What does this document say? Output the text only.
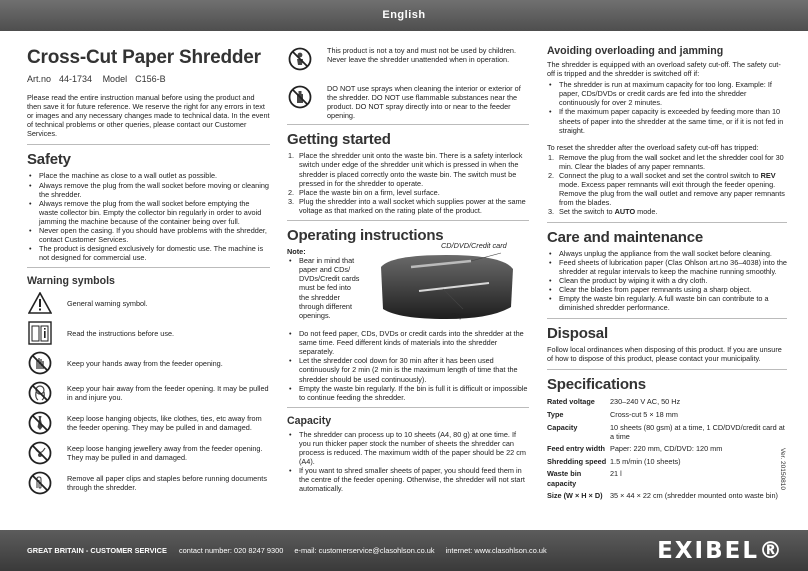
English
Cross-Cut Paper Shredder
Art.no 44-1734 Model C156-B

Please read the entire instruction manual before using the product and then save it for future reference. We reserve the right for any errors in text or images and any necessary changes made to technical data. In the event of technical problems or other queries, please contact our Customer Services.

Safety
• Place the machine as close to a wall outlet as possible.
• Always remove the plug from the wall socket before moving or cleaning the shredder.
• Always remove the plug from the wall socket before emptying the waste collector bin. Empty the collector bin regularly in order to avoid jamming the machine because of the container being over full.
• Never open the casing. If you should have problems with the shredder, contact Customer Services.
• The product is designed exclusively for domestic use. The machine is not designed for commercial use.
Warning symbols

General warning symbol.

Read the instructions before use.

Keep your hands away from the feeder opening.

Keep your hair away from the feeder opening. It may be pulled in and injure you.

Keep loose hanging objects, like clothes, ties, etc away from the feeder opening. They may be pulled in and damaged.

Keep loose hanging jewellery away from the feeder opening. They may be pulled in and damaged.

Remove all paper clips and staples before running documents through the shredder.

This product is not a toy and must not be used by children. Never leave the shredder unattended when in operation.

DO NOT use sprays when cleaning the interior or exterior of the shredder. DO NOT use flammable substances near the product. DO NOT spray directly into or near to the feeder opening.

Getting started
1. Place the shredder unit onto the waste bin. There is a safety interlock switch under edge of the shredder unit which is pressed in when the shredder is placed correctly onto the waste bin. The switch must be pressed in for the shredder to operate.
2. Place the waste bin on a firm, level surface.
3. Plug the shredder into a wall socket which supplies power at the same voltage as that marked on the rating plate of the product.
Operating instructions

Note:

• Bear in mind that paper and CDs/ DVDs/Credit cards must be fed into the shredder through different openings.
CD/DVD/Credit card
Paper
• Do not feed paper, CDs, DVDs or credit cards into the shredder at the same time. Feed different kinds of materials into the shredder separately.
• Let the shredder cool down for 30 min after it has been used continuously for 2 min (2 min is the maximum length of time that the shredder should be used continuously).
• Empty the waste bin regularly. If the bin is full it is difficult or impossible to continue feeding the shredder.
Capacity
• The shredder can process up to 10 sheets (A4, 80 g) at one time. If you run thicker paper stock the number of sheets the shredder can process is reduced. The maximum width of the paper should be 22 cm (A4).
• If you want to shred smaller sheets of paper, you should feed them in the centre of the feeder opening. Otherwise, the shredder will not start automatically.
Avoiding overloading and jamming

The shredder is equipped with an overload safety cut-off. The safety cut-off is tripped and the shredder is switched off if:

• The shredder is run at maximum capacity for too long. Example: If paper, CDs/DVDs or credit cards are fed into the shredder continuously for over 2 minutes.
• If the maximum paper capacity is exceeded by feeding more than 10 sheets of paper into the shredder at the same time, or if it is not fed in straight.

To reset the shredder after the overload safety cut-off has tripped:

1. Remove the plug from the wall socket and let the shredder cool for 30 min. Clear the blades of any paper remnants.
2. Connect the plug to a wall socket and set the control switch to REV mode. Excess paper remnants will exit through the feeder opening. Remove the plug from the wall outlet and remove any paper remnants from the blades.
3. Set the switch to AUTO mode.
Care and maintenance
• Always unplug the appliance from the wall socket before cleaning.
• Feed sheets of lubrication paper (Clas Ohlson art.no 36–4038) into the shredder at regular intervals to keep the machine running smoothly.
• Clean the product by wiping it with a dry cloth.
• Clear the blades from paper remnants using a sharp object.
• Empty the waste bin regularly. A full waste bin can contribute to a diminished shredder performance.
Disposal

Follow local ordinances when disposing of this product. If you are unsure of how to dispose of this product, please contact your municipality.

Specifications
Rated voltage	230–240 V AC, 50 Hz
Type	Cross-cut 5 × 18 mm
Capacity	10 sheets (80 gsm) at a time, 1 CD/DVD/credit card at a time
Feed entry width	Paper: 220 mm, CD/DVD: 120 mm
Shredding speed	1.5 m/min (10 sheets)
Waste bin capacity	21 l
Size (W × H × D)	35 × 44 × 22 cm (shredder mounted onto waste bin)
Ver. 20150810
GREAT BRITAIN - CUSTOMER SERVICE contact number: 020 8247 9300 e-mail: customerservice@clasohlson.co.uk internet: www.clasohlson.co.uk	EXIBEL®
